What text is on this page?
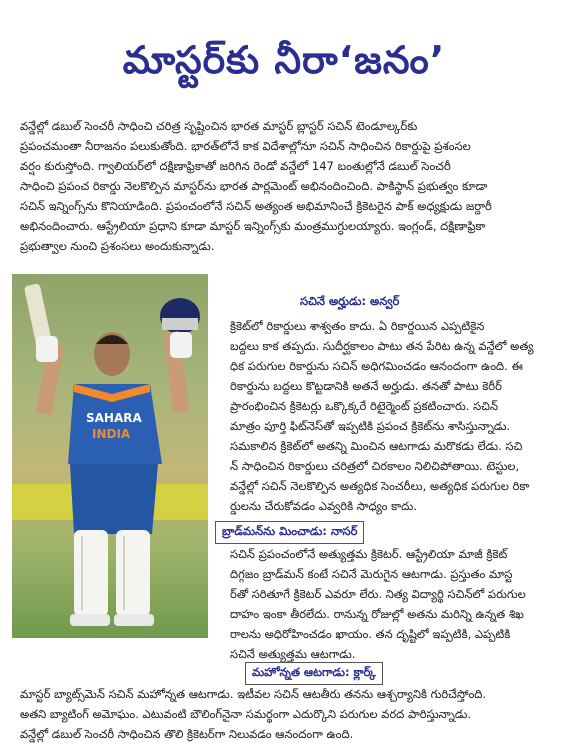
మాస్టర్‌కు నీరా‘జనం’

వన్డేల్లో డబుల్ సెంచరీ సాధించి చరిత్ర సృష్టించిన భారత మాస్టర్ బ్లాస్టర్ సచిన్ టెండూల్కర్‌కు

ప్రపంచమంతా నీరాజనం పలుకుతోంది. భారత్‌లోనే కాక విదేశాల్లోనూ సచిన్ సాధించిన రికార్డుపై ప్రశంసల

వర్షం కురుస్తోంది. గ్వాలియర్‌లో దక్షిణాఫ్రికాతో జరిగిన రెండో వన్డేలో 147 బంతుల్లోనే డబుల్ సెంచరీ

సాధించి ప్రపంచ రికార్డు నెలకొల్పిన మాస్టర్‌ను భారత పార్లమెంట్ అభినందించింది. పాకిస్థాన్ ప్రభుత్వం కూడా

సచిన్ ఇన్నింగ్స్‌ను కొనియాడింది. ప్రపంచంలోనే సచిన్ అత్యంత అభిమానించే క్రికెటరైన పాక్ అధ్యక్షుడు జర్దారీ

అభినందించారు. ఆస్ట్రేలియా ప్రధాని కూడా మాస్టర్ ఇన్నింగ్స్‌కు మంత్రముగ్ధులయ్యారు. ఇంగ్లండ్, దక్షిణాఫ్రికా

ప్రభుత్వాల నుంచి ప్రశంసలు అందుకున్నాడు.

SAHARA
INDIA
సచినే అర్హుడు: అన్వర్

క్రికెట్‌లో రికార్డులు శాశ్వతం కాదు. ఏ రికార్డయిన ఎప్పటికైన

బద్దలు కాక తప్పదు. సుదీర్ఘకాలం పాటు తన పేరిట ఉన్న వన్డేలో అత్య

ధిక పరుగుల రికార్డును సచిన్ అధిగమించడం ఆనందంగా ఉంది. ఈ

రికార్డును బద్దలు కొట్టడానికి అతనే అర్హుడు. తనతో పాటు కెరీర్

ప్రారంభించిన క్రికెటర్లు ఒక్కొక్కరే రిటైర్మెంట్ ప్రకటించారు. సచిన్

మాత్రం పూర్తి ఫిట్‌నెస్‌తో ఇప్పటికి ప్రపంచ క్రికెట్‌ను శాసిస్తున్నాడు.

సమకాలిన క్రికెట్‌లో అతన్ని మించిన ఆటగాడు మరొకడు లేడు. సచి

న్ సాధించిన రికార్డులు చరిత్రలో చిరకాలం నిలిచిపోతాయి. టెస్టుల,

వన్డేల్లో సచిన్ నెలకొల్పిన అత్యధిక సెంచరీలు, అత్యధిక పరుగుల రికా

ర్డులను చేరుకోవడం ఎవ్వరికి సాధ్యం కాదు.

బ్రాడ్‌మన్‌ను మించాడు: నాసర్

సచిన్ ప్రపంచంలోనే అత్యుత్తమ క్రికెటర్. ఆస్ట్రేలియా మాజీ క్రికెట్

దిగ్గజం బ్రాడ్‌మన్ కంటే సచినే మెరుగైన ఆటగాడు. ప్రస్తుతం మాస్ట

ర్‌తో సరితూగే క్రికెటర్ ఎవరూ లేరు. నిత్య విద్యార్థి సచిన్‌లో పరుగుల

దాహం ఇంకా తీరలేదు. రానున్న రోజుల్లో అతను మరిన్ని ఉన్నత శిఖ

రాలను అధిరోహించడం ఖాయం. తన దృష్టిలో ఇప్పటికి, ఎప్పటికి

సచినే అత్యుత్తమ ఆటగాడు.

మహోన్నత ఆటగాడు: క్లార్క్

మాస్టర్ బ్యాట్స్‌మెన్ సచిన్ మహోన్నత ఆటగాడు. ఇటీవల సచిన్ ఆటతీరు తనను ఆశ్చర్యానికి గురిచేస్తోంది.

అతని బ్యాటింగ్ అమోఘం. ఎటువంటి బౌలింగ్‌నైనా సమర్థంగా ఎదుర్కొని పరుగుల వరద పారిస్తున్నాడు.

వన్డేల్లో డబుల్ సెంచరీ సాధించిన తొలి క్రికెటర్‌గా నిలువడం ఆనందంగా ఉంది.
